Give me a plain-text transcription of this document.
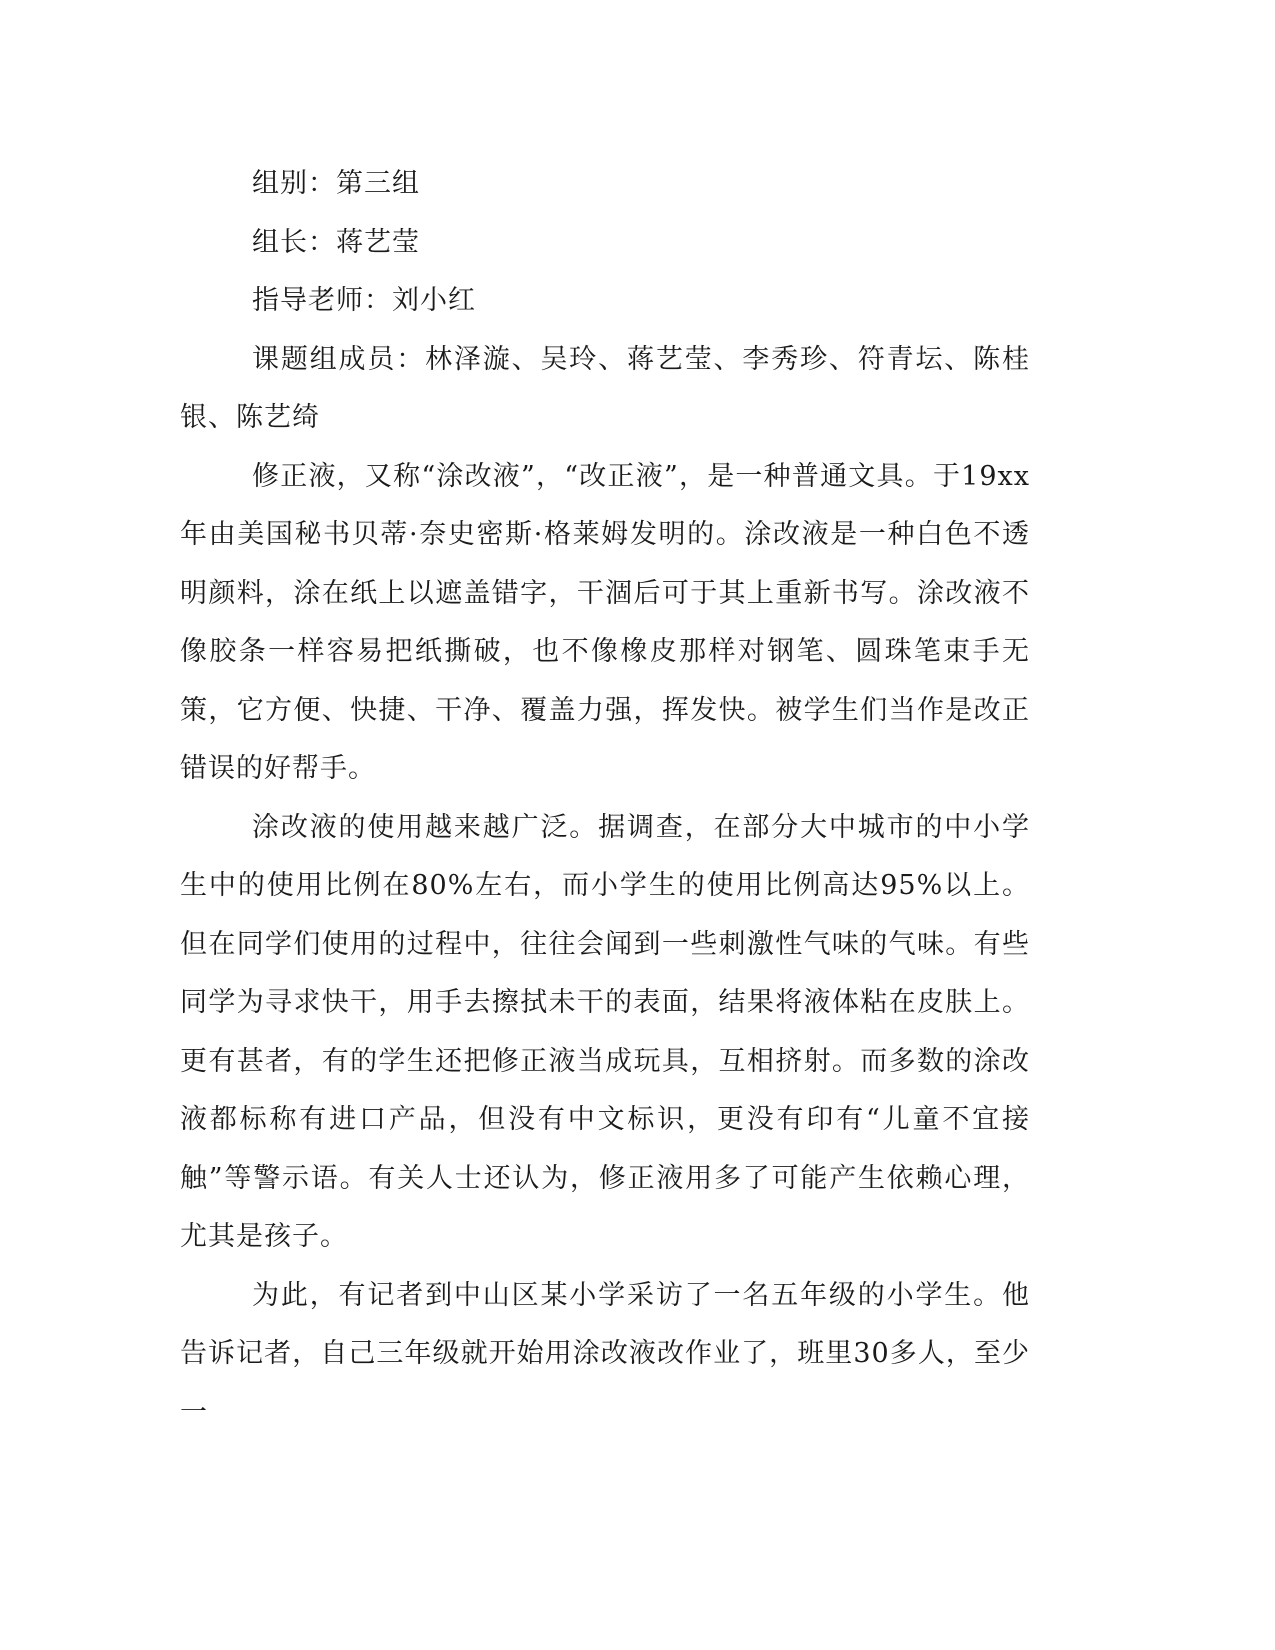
组别：第三组

组长：蒋艺莹

指导老师：刘小红

课题组成员：林泽漩、吴玲、蒋艺莹、李秀珍、符青坛、陈桂银、陈艺绮

修正液，又称“涂改液”，“改正液”，是一种普通文具。于19xx年由美国秘书贝蒂·奈史密斯·格莱姆发明的。涂改液是一种白色不透明颜料，涂在纸上以遮盖错字，干涸后可于其上重新书写。涂改液不像胶条一样容易把纸撕破，也不像橡皮那样对钢笔、圆珠笔束手无策，它方便、快捷、干净、覆盖力强，挥发快。被学生们当作是改正错误的好帮手。

涂改液的使用越来越广泛。据调查，在部分大中城市的中小学生中的使用比例在80%左右，而小学生的使用比例高达95%以上。但在同学们使用的过程中，往往会闻到一些刺激性气味的气味。有些同学为寻求快干，用手去擦拭未干的表面，结果将液体粘在皮肤上。更有甚者，有的学生还把修正液当成玩具，互相挤射。而多数的涂改液都标称有进口产品，但没有中文标识，更没有印有“儿童不宜接触”等警示语。有关人士还认为，修正液用多了可能产生依赖心理，尤其是孩子。

为此，有记者到中山区某小学采访了一名五年级的小学生。他告诉记者，自己三年级就开始用涂改液改作业了，班里30多人，至少一
